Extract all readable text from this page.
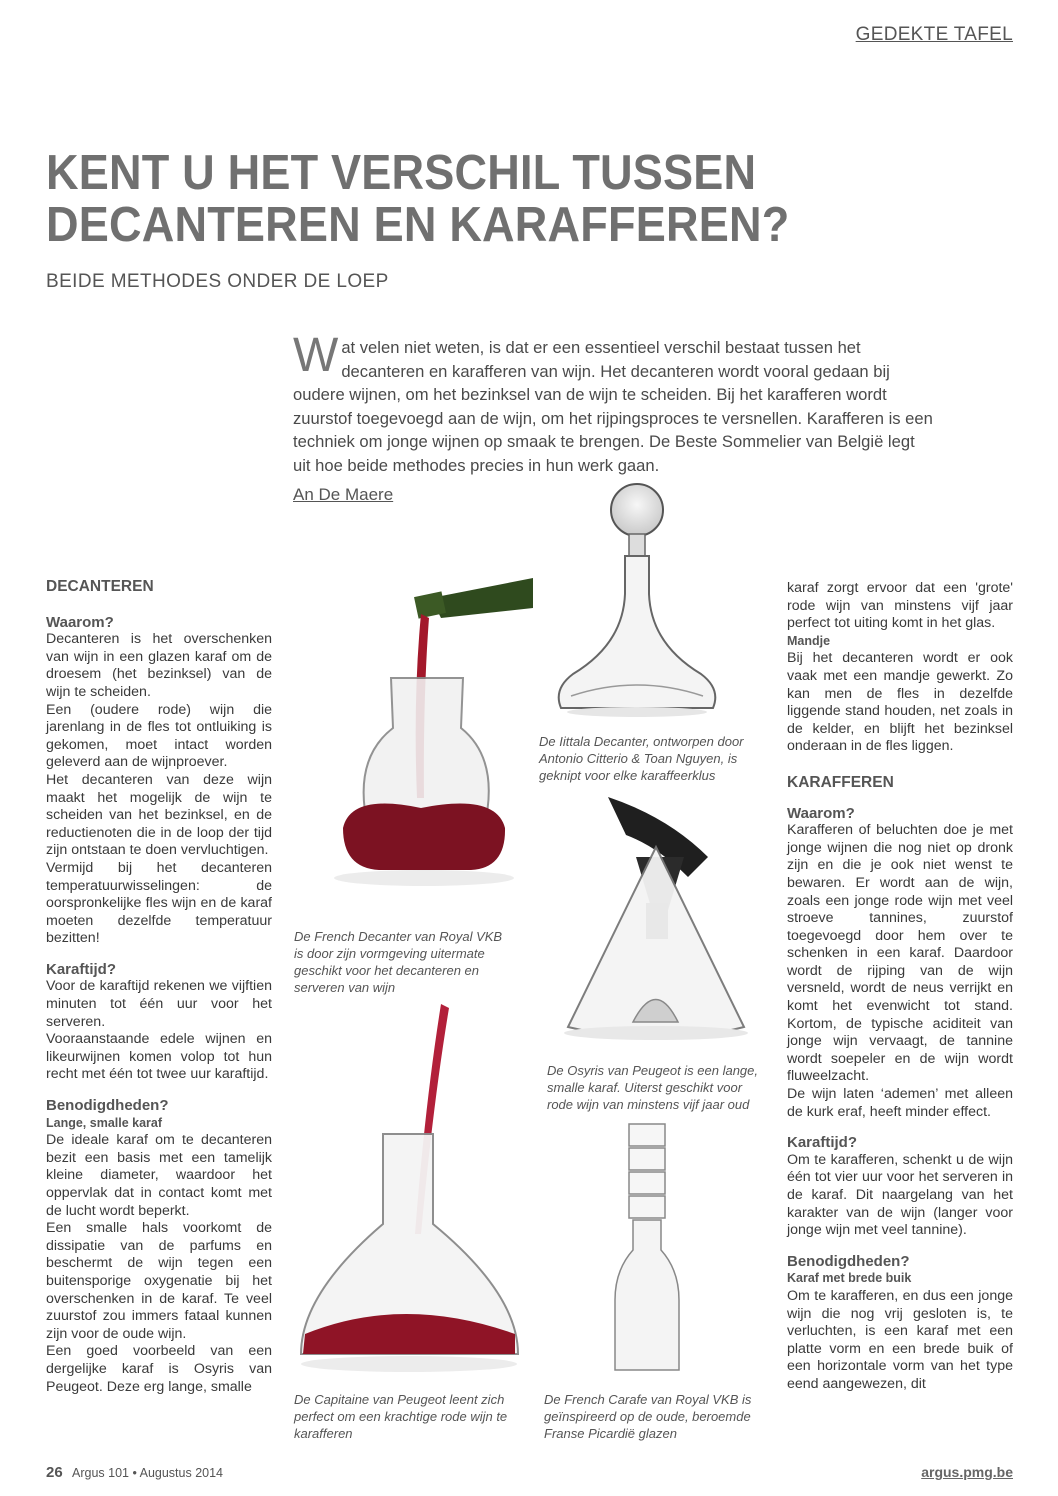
GEDEKTE TAFEL
KENT U HET VERSCHIL TUSSEN
DECANTEREN EN KARAFFEREN?
BEIDE METHODES ONDER DE LOEP
Wat velen niet weten, is dat er een essentieel verschil bestaat tussen het decanteren en karafferen van wijn. Het decanteren wordt vooral gedaan bij oudere wijnen, om het bezinksel van de wijn te scheiden. Bij het karafferen wordt zuurstof toegevoegd aan de wijn, om het rijpingsproces te versnellen. Karafferen is een techniek om jonge wijnen op smaak te brengen. De Beste Sommelier van België legt uit hoe beide methodes precies in hun werk gaan.
An De Maere
DECANTEREN
Waarom?

Decanteren is het overschenken van wijn in een glazen karaf om de droesem (het bezinksel) van de wijn te scheiden.

Een (oudere rode) wijn die jarenlang in de fles tot ontluiking is gekomen, moet intact worden geleverd aan de wijnproever.

Het decanteren van deze wijn maakt het mogelijk de wijn te scheiden van het bezinksel, en de reductienoten die in de loop der tijd zijn ontstaan te doen vervluchtigen.

Vermijd bij het decanteren temperatuurwisselingen: de oorspronkelijke fles wijn en de karaf moeten dezelfde temperatuur bezitten!

Karaftijd?

Voor de karaftijd rekenen we vijftien minuten tot één uur voor het serveren.

Vooraanstaande edele wijnen en likeurwijnen komen volop tot hun recht met één tot twee uur karaftijd.

Benodigdheden?
Lange, smalle karaf

De ideale karaf om te decanteren bezit een basis met een tamelijk kleine diameter, waardoor het oppervlak dat in contact komt met de lucht wordt beperkt.

Een smalle hals voorkomt de dissipatie van de parfums en beschermt de wijn tegen een buitensporige oxygenatie bij het overschenken in de karaf. Te veel zuurstof zou immers fataal kunnen zijn voor de oude wijn.

Een goed voorbeeld van een dergelijke karaf is Osyris van Peugeot. Deze erg lange, smalle

karaf zorgt ervoor dat een 'grote' rode wijn van minstens vijf jaar perfect tot uiting komt in het glas.

Mandje

Bij het decanteren wordt er ook vaak met een mandje gewerkt. Zo kan men de fles in dezelfde liggende stand houden, net zoals in de kelder, en blijft het bezinksel onderaan in de fles liggen.

KARAFFEREN
Waarom?

Karafferen of beluchten doe je met jonge wijnen die nog niet op dronk zijn en die je ook niet wenst te bewaren. Er wordt aan de wijn, zoals een jonge rode wijn met veel stroeve tannines, zuurstof toegevoegd door hem over te schenken in een karaf. Daardoor wordt de rijping van de wijn versneld, wordt de neus verrijkt en komt het evenwicht tot stand. Kortom, de typische aciditeit van jonge wijn vervaagt, de tannine wordt soepeler en de wijn wordt fluweelzacht.

De wijn laten ‘ademen’ met alleen de kurk eraf, heeft minder effect.

Karaftijd?

Om te karafferen, schenkt u de wijn één tot vier uur voor het serveren in de karaf. Dit naargelang van het karakter van de wijn (langer voor jonge wijn met veel tannine).

Benodigdheden?
Karaf met brede buik

Om te karafferen, en dus een jonge wijn die nog vrij gesloten is, te verluchten, is een karaf met een platte vorm en een brede buik of een horizontale vorm van het type eend aangewezen, dit

De Iittala Decanter, ontworpen door Antonio Citterio & Toan Nguyen, is geknipt voor elke karaffeerklus
De French Decanter van Royal VKB is door zijn vormgeving uitermate geschikt voor het decanteren en serveren van wijn
De Osyris van Peugeot is een lange, smalle karaf. Uiterst geschikt voor rode wijn van minstens vijf jaar oud
De Capitaine van Peugeot leent zich perfect om een krachtige rode wijn te karafferen
De French Carafe van Royal VKB is geïnspireerd op de oude, beroemde Franse Picardië glazen
26 Argus 101 • Augustus 2014	argus.pmg.be
